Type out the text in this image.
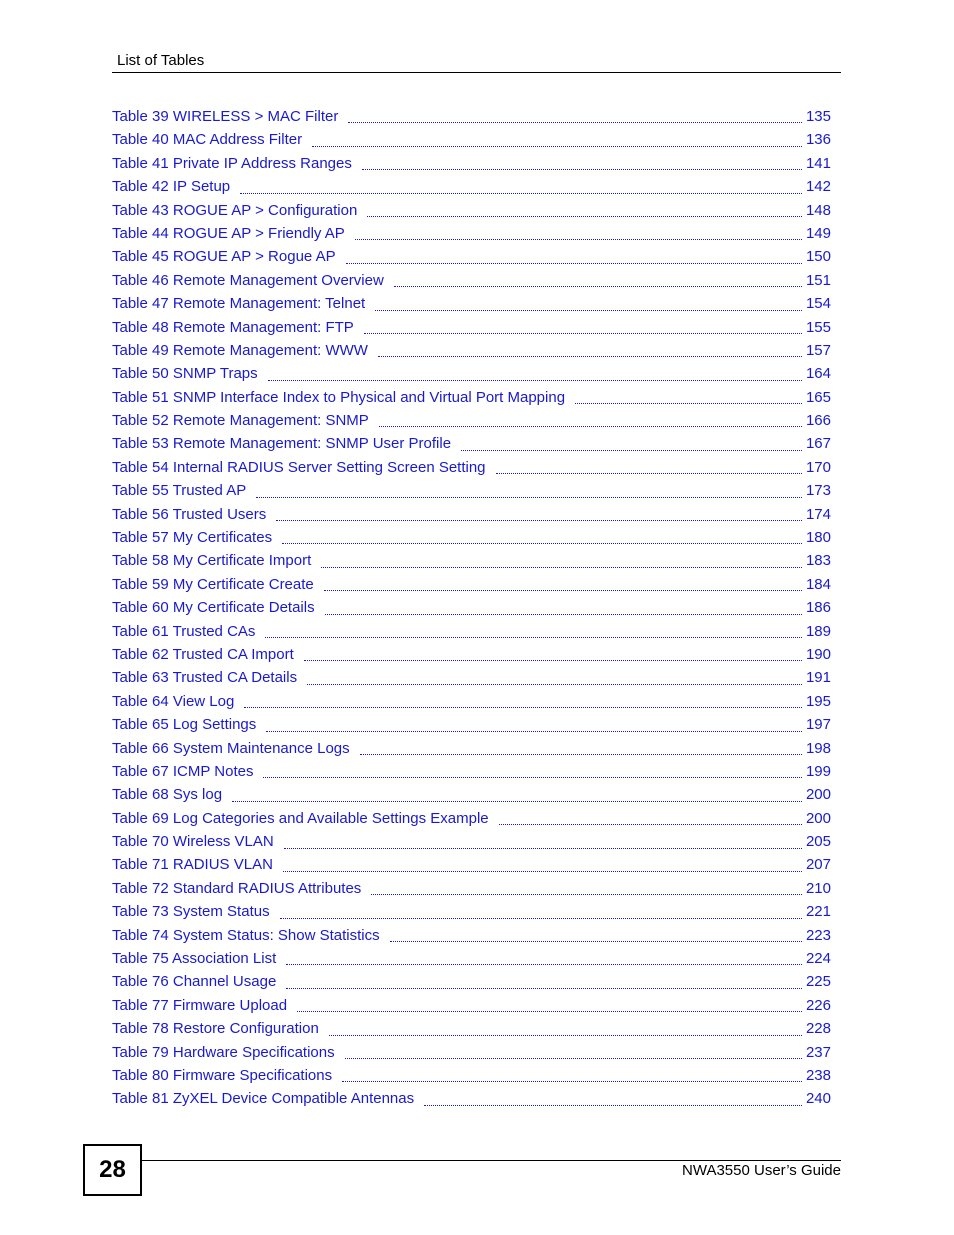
List of Tables
Table 39 WIRELESS > MAC Filter	135
Table 40 MAC Address Filter	136
Table 41 Private IP Address Ranges	141
Table 42 IP Setup	142
Table 43 ROGUE AP > Configuration	148
Table 44 ROGUE AP > Friendly AP	149
Table 45 ROGUE AP > Rogue AP	150
Table 46 Remote Management Overview	151
Table 47 Remote Management: Telnet	154
Table 48 Remote Management: FTP	155
Table 49 Remote Management: WWW	157
Table 50 SNMP Traps	164
Table 51 SNMP Interface Index to Physical and Virtual Port Mapping	165
Table 52 Remote Management: SNMP	166
Table 53 Remote Management: SNMP User Profile	167
Table 54 Internal RADIUS Server Setting Screen Setting	170
Table 55 Trusted AP	173
Table 56 Trusted Users	174
Table 57 My Certificates	180
Table 58 My Certificate Import	183
Table 59 My Certificate Create	184
Table 60 My Certificate Details	186
Table 61 Trusted CAs	189
Table 62 Trusted CA Import	190
Table 63 Trusted CA Details	191
Table 64 View Log	195
Table 65 Log Settings	197
Table 66 System Maintenance Logs	198
Table 67 ICMP Notes	199
Table 68 Sys log	200
Table 69 Log Categories and Available Settings Example	200
Table 70 Wireless VLAN	205
Table 71 RADIUS VLAN	207
Table 72 Standard RADIUS Attributes	210
Table 73 System Status	221
Table 74 System Status: Show Statistics	223
Table 75 Association List	224
Table 76 Channel Usage	225
Table 77 Firmware Upload	226
Table 78 Restore Configuration	228
Table 79 Hardware Specifications	237
Table 80 Firmware Specifications	238
Table 81 ZyXEL Device Compatible Antennas	240
28	NWA3550 User’s Guide
